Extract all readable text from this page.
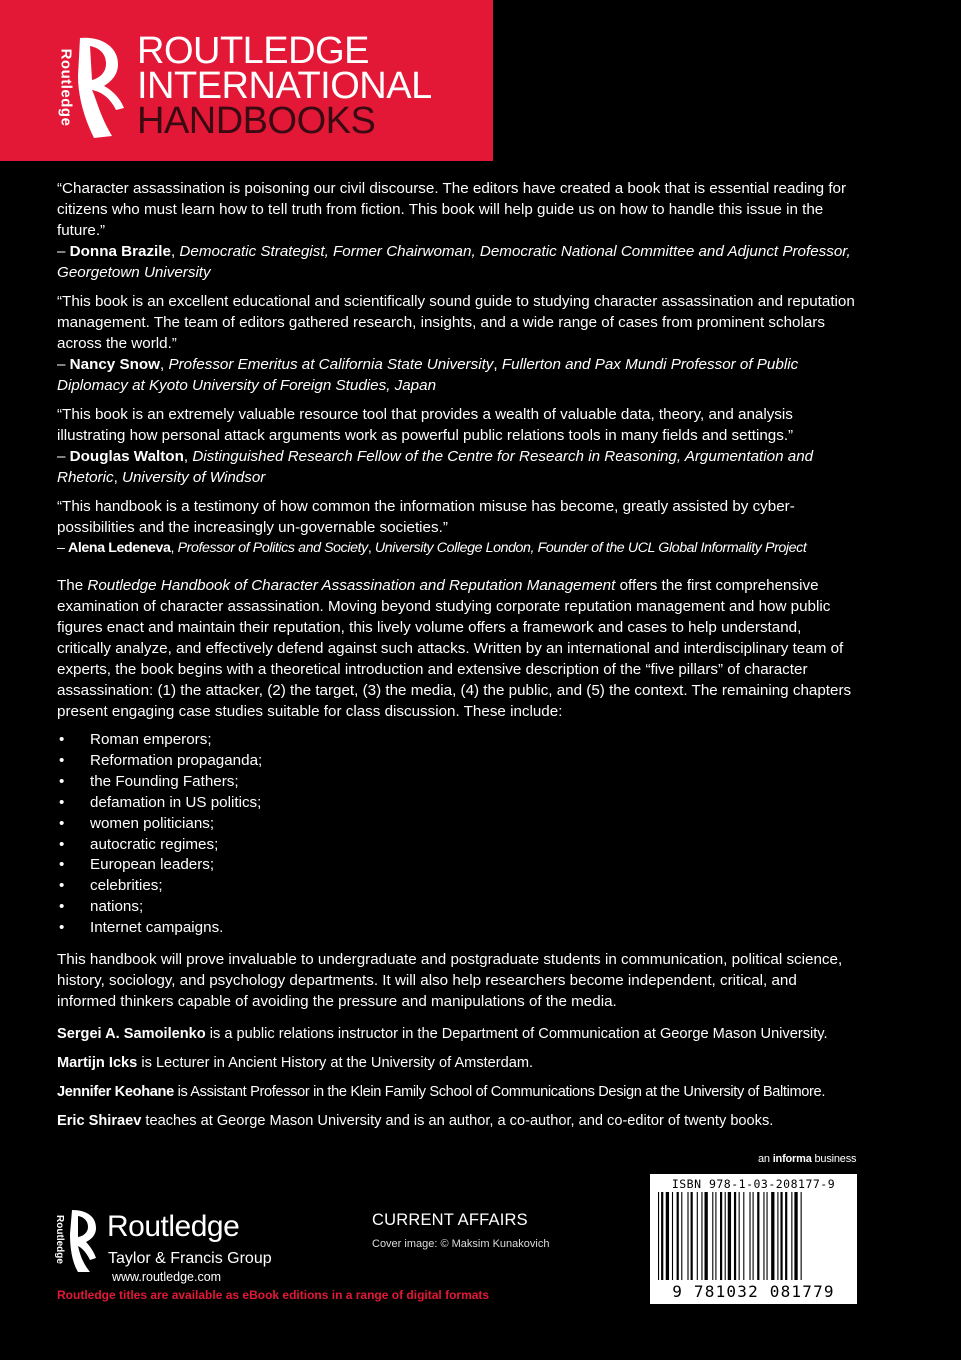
Routledge ROUTLEDGE
INTERNATIONAL
HANDBOOKS

“Character assassination is poisoning our civil discourse. The editors have created a book that is essential reading for citizens who must learn how to tell truth from fiction. This book will help guide us on how to handle this issue in the future.”

– Donna Brazile, Democratic Strategist, Former Chairwoman, Democratic National Committee and Adjunct Professor, Georgetown University

“This book is an excellent educational and scientifically sound guide to studying character assassination and reputation management. The team of editors gathered research, insights, and a wide range of cases from prominent scholars across the world.”

– Nancy Snow, Professor Emeritus at California State University, Fullerton and Pax Mundi Professor of Public Diplomacy at Kyoto University of Foreign Studies, Japan

“This book is an extremely valuable resource tool that provides a wealth of valuable data, theory, and analysis illustrating how personal attack arguments work as powerful public relations tools in many fields and settings.”

– Douglas Walton, Distinguished Research Fellow of the Centre for Research in Reasoning, Argumentation and Rhetoric, University of Windsor

“This handbook is a testimony of how common the information misuse has become, greatly assisted by cyber-possibilities and the increasingly un-governable societies.”

– Alena Ledeneva, Professor of Politics and Society, University College London, Founder of the UCL Global Informality Project

The Routledge Handbook of Character Assassination and Reputation Management offers the first comprehensive examination of character assassination. Moving beyond studying corporate reputation management and how public figures enact and maintain their reputation, this lively volume offers a framework and cases to help understand, critically analyze, and effectively defend against such attacks. Written by an international and interdisciplinary team of experts, the book begins with a theoretical introduction and extensive description of the “five pillars” of character assassination: (1) the attacker, (2) the target, (3) the media, (4) the public, and (5) the context. The remaining chapters present engaging case studies suitable for class discussion. These include:

• Roman emperors;
• Reformation propaganda;
• the Founding Fathers;
• defamation in US politics;
• women politicians;
• autocratic regimes;
• European leaders;
• celebrities;
• nations;
• Internet campaigns.

This handbook will prove invaluable to undergraduate and postgraduate students in communication, political science, history, sociology, and psychology departments. It will also help researchers become independent, critical, and informed thinkers capable of avoiding the pressure and manipulations of the media.

Sergei A. Samoilenko is a public relations instructor in the Department of Communication at George Mason University.

Martijn Icks is Lecturer in Ancient History at the University of Amsterdam.

Jennifer Keohane is Assistant Professor in the Klein Family School of Communications Design at the University of Baltimore.

Eric Shiraev teaches at George Mason University and is an author, a co-author, and co-editor of twenty books.

an informa business
ISBN 978-1-03-208177-9
9 781032 081779
Routledge Routledge
Taylor & Francis Group
www.routledge.com
Routledge titles are available as eBook editions in a range of digital formats
CURRENT AFFAIRS
Cover image: © Maksim Kunakovich
